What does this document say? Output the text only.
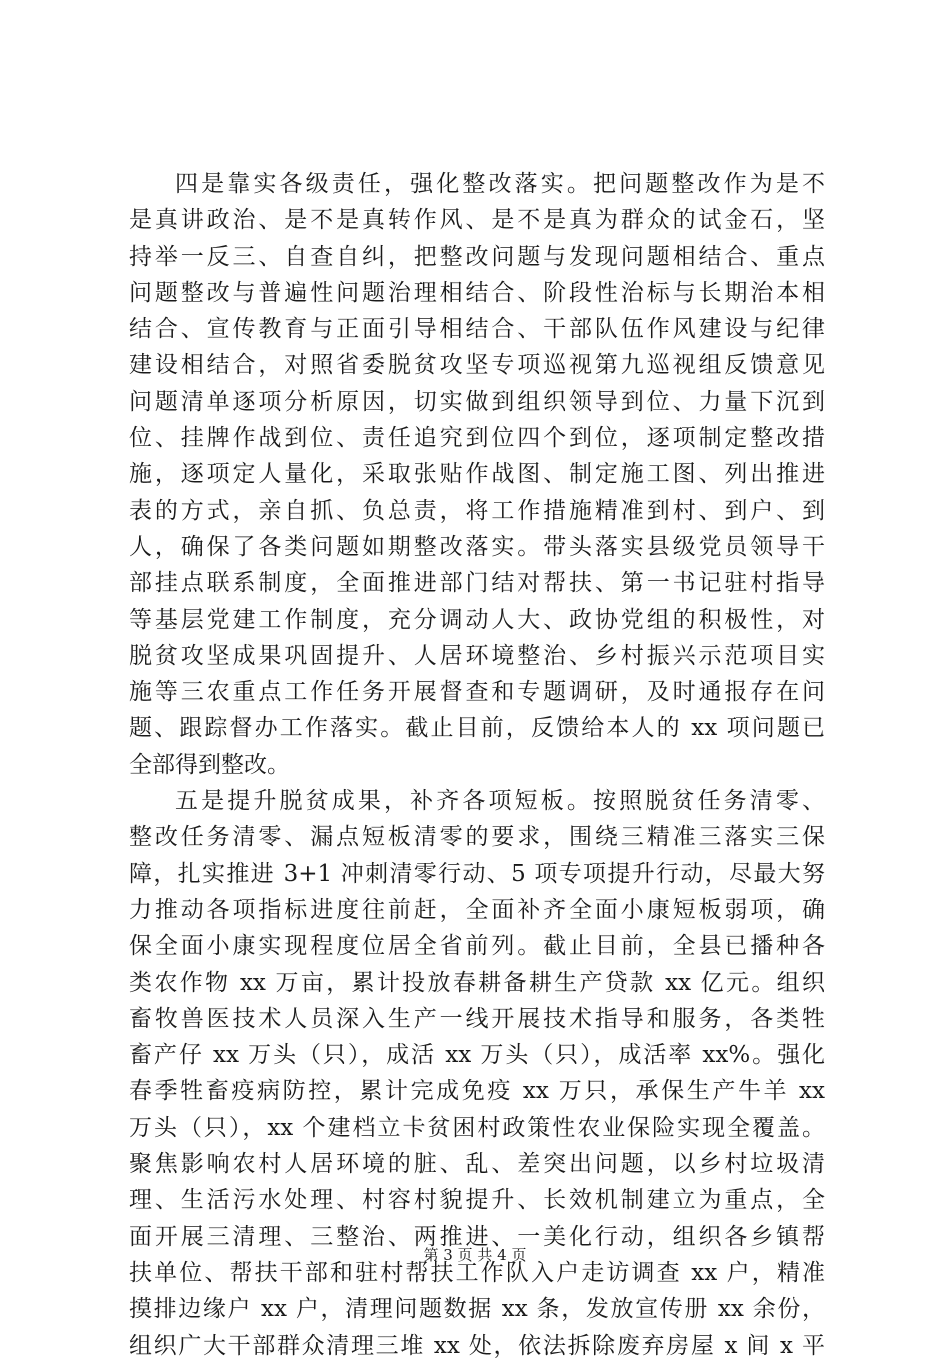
四是靠实各级责任，强化整改落实。把问题整改作为是不
是真讲政治、是不是真转作风、是不是真为群众的试金石，坚
持举一反三、自查自纠，把整改问题与发现问题相结合、重点
问题整改与普遍性问题治理相结合、阶段性治标与长期治本相
结合、宣传教育与正面引导相结合、干部队伍作风建设与纪律
建设相结合，对照省委脱贫攻坚专项巡视第九巡视组反馈意见
问题清单逐项分析原因，切实做到组织领导到位、力量下沉到
位、挂牌作战到位、责任追究到位四个到位，逐项制定整改措
施，逐项定人量化，采取张贴作战图、制定施工图、列出推进
表的方式，亲自抓、负总责，将工作措施精准到村、到户、到
人，确保了各类问题如期整改落实。带头落实县级党员领导干
部挂点联系制度，全面推进部门结对帮扶、第一书记驻村指导
等基层党建工作制度，充分调动人大、政协党组的积极性，对
脱贫攻坚成果巩固提升、人居环境整治、乡村振兴示范项目实
施等三农重点工作任务开展督查和专题调研，及时通报存在问
题、跟踪督办工作落实。截止目前，反馈给本人的 xx 项问题已
全部得到整改。
五是提升脱贫成果，补齐各项短板。按照脱贫任务清零、
整改任务清零、漏点短板清零的要求，围绕三精准三落实三保
障，扎实推进 3+1 冲刺清零行动、5 项专项提升行动，尽最大努
力推动各项指标进度往前赶，全面补齐全面小康短板弱项，确
保全面小康实现程度位居全省前列。截止目前，全县已播种各
类农作物 xx 万亩，累计投放春耕备耕生产贷款 xx 亿元。组织
畜牧兽医技术人员深入生产一线开展技术指导和服务，各类牲
畜产仔 xx 万头（只），成活 xx 万头（只），成活率 xx%。强化
春季牲畜疫病防控，累计完成免疫 xx 万只，承保生产牛羊 xx
万头（只），xx 个建档立卡贫困村政策性农业保险实现全覆盖。
聚焦影响农村人居环境的脏、乱、差突出问题，以乡村垃圾清
理、生活污水处理、村容村貌提升、长效机制建立为重点，全
面开展三清理、三整治、两推进、一美化行动，组织各乡镇帮
扶单位、帮扶干部和驻村帮扶工作队入户走访调查 xx 户，精准
摸排边缘户 xx 户，清理问题数据 xx 条，发放宣传册 xx 余份，
组织广大干部群众清理三堆 xx 处，依法拆除废弃房屋 x 间 x 平
第 3 页 共 4 页
